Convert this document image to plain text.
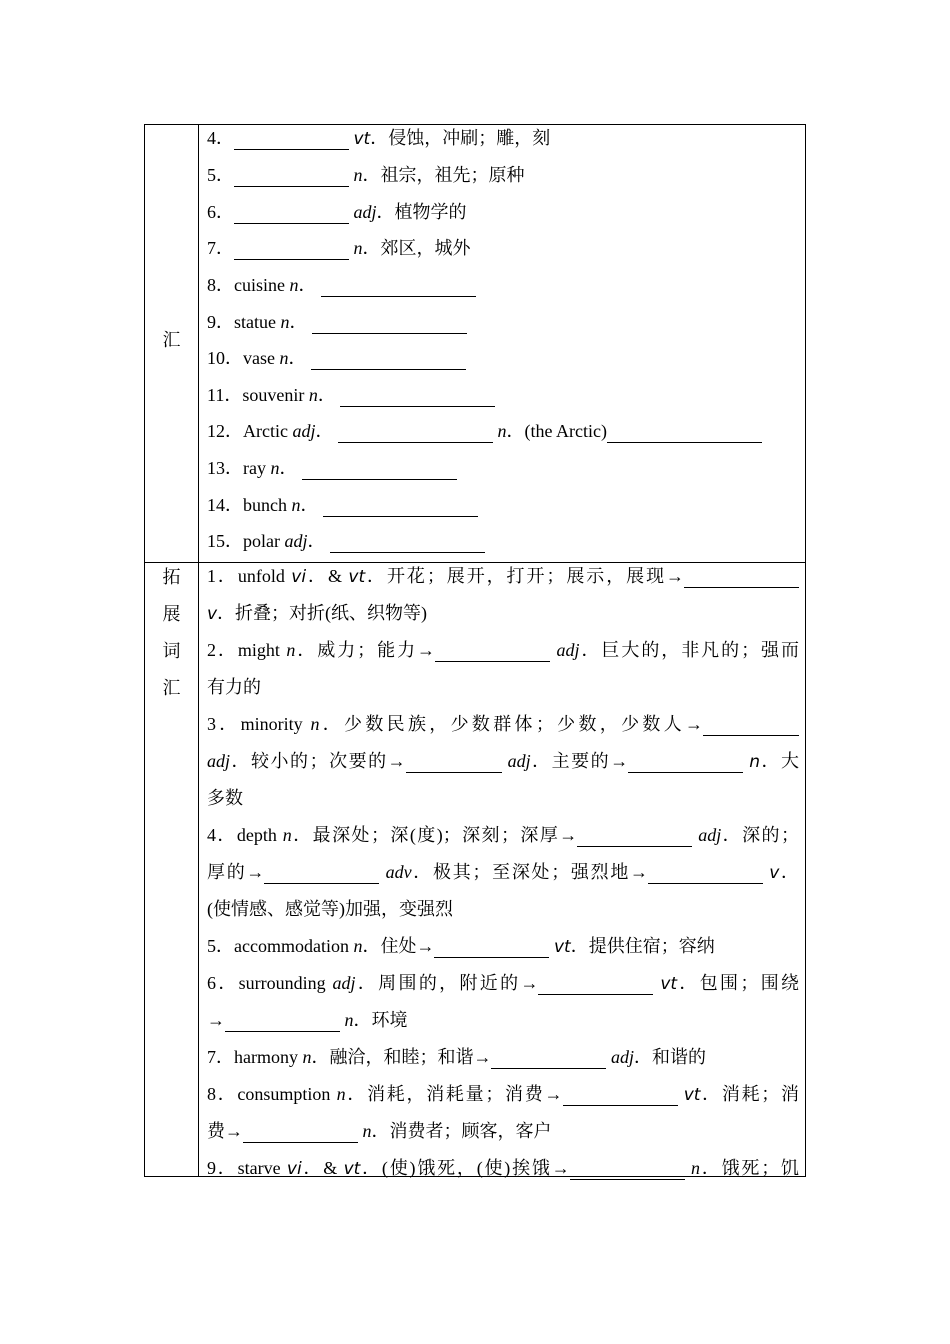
汇
4．	vt．侵蚀，冲刷；雕，刻
5．	n．祖宗，祖先；原种
6．	adj．植物学的
7．	n．郊区，城外
8．cuisine n．
9．statue n．
10．vase n．
11．souvenir n．
12．Arctic adj．	n．(the Arctic)
13．ray n．
14．bunch n．
15．polar adj．
拓
展
词
汇
1．unfold vi．& vt．开花；展开，打开；展示，展现→
v．折叠；对折(纸、织物等)
2．might n．威力；能力→	adj．巨大的，非凡的；强而
有力的
3．minority n．少数民族，少数群体；少数，少数人→
adj．较小的；次要的→	adj．主要的→	n．大
多数
4．depth n．最深处；深(度)；深刻；深厚→	adj．深的；
厚的→	adv．极其；至深处；强烈地→	v．
(使情感、感觉等)加强，变强烈
5．accommodation n．住处→	vt．提供住宿；容纳
6．surrounding adj．周围的，附近的→	vt．包围；围绕
→	n．环境
7．harmony n．融洽，和睦；和谐→	adj．和谐的
8．consumption n．消耗，消耗量；消费→	vt．消耗；消
费→	n．消费者；顾客，客户
9．starve vi．& vt．(使)饿死，(使)挨饿→	n．饿死；饥
